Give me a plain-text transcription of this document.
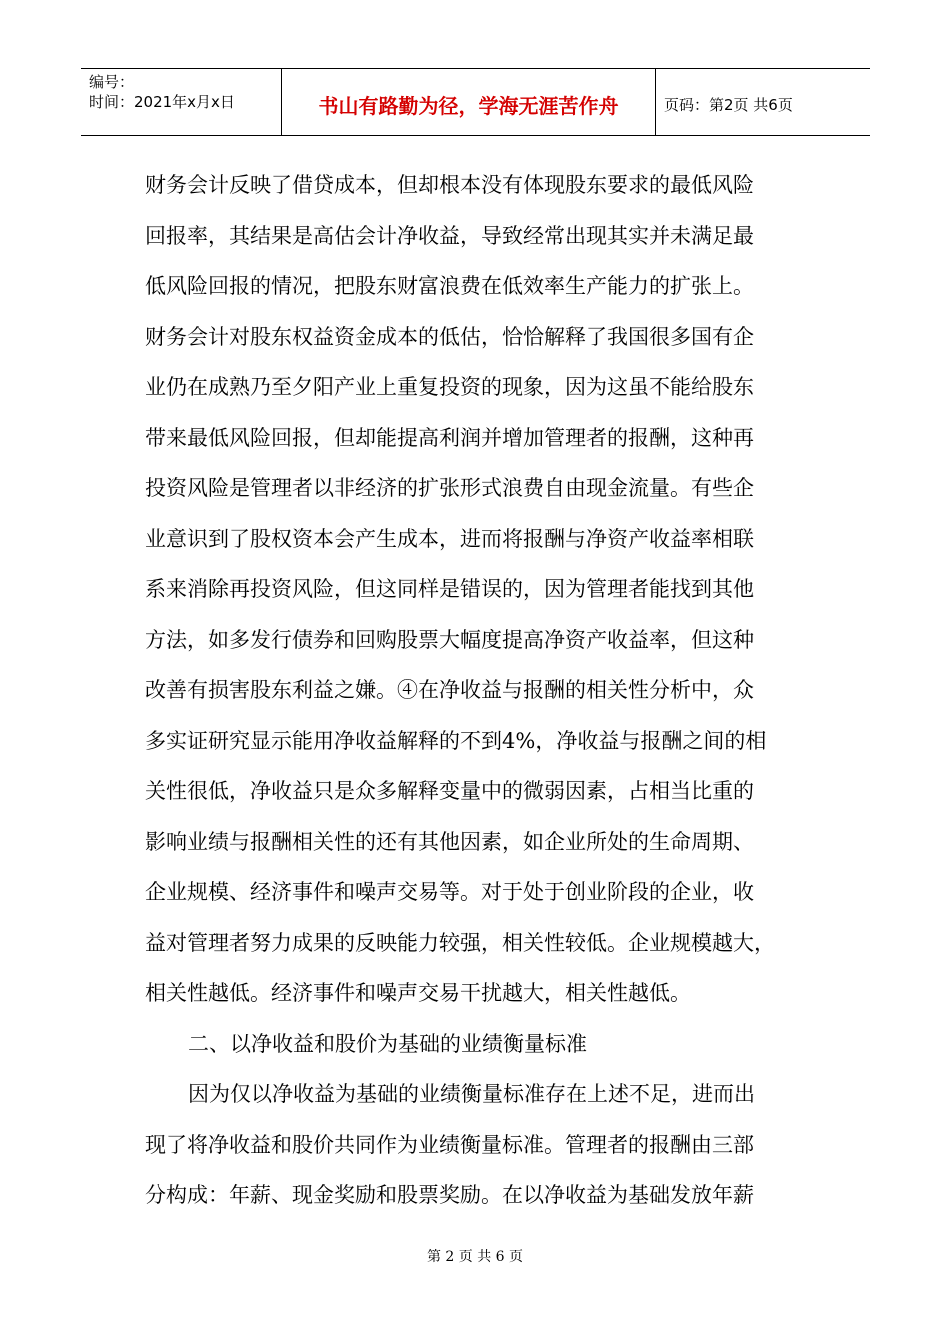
编号：
时间：2021年x月x日	书山有路勤为径，学海无涯苦作舟	页码：第2页 共6页
财务会计反映了借贷成本，但却根本没有体现股东要求的最低风险
回报率，其结果是高估会计净收益，导致经常出现其实并未满足最
低风险回报的情况，把股东财富浪费在低效率生产能力的扩张上。
财务会计对股东权益资金成本的低估，恰恰解释了我国很多国有企
业仍在成熟乃至夕阳产业上重复投资的现象，因为这虽不能给股东
带来最低风险回报，但却能提高利润并增加管理者的报酬，这种再
投资风险是管理者以非经济的扩张形式浪费自由现金流量。有些企
业意识到了股权资本会产生成本，进而将报酬与净资产收益率相联
系来消除再投资风险，但这同样是错误的，因为管理者能找到其他
方法，如多发行债券和回购股票大幅度提高净资产收益率，但这种
改善有损害股东利益之嫌。④在净收益与报酬的相关性分析中，众
多实证研究显示能用净收益解释的不到4%，净收益与报酬之间的相
关性很低，净收益只是众多解释变量中的微弱因素，占相当比重的
影响业绩与报酬相关性的还有其他因素，如企业所处的生命周期、
企业规模、经济事件和噪声交易等。对于处于创业阶段的企业，收
益对管理者努力成果的反映能力较强，相关性较低。企业规模越大，
相关性越低。经济事件和噪声交易干扰越大，相关性越低。
二、以净收益和股价为基础的业绩衡量标准
因为仅以净收益为基础的业绩衡量标准存在上述不足，进而出
现了将净收益和股价共同作为业绩衡量标准。管理者的报酬由三部
分构成：年薪、现金奖励和股票奖励。在以净收益为基础发放年薪
第 2 页 共 6 页
